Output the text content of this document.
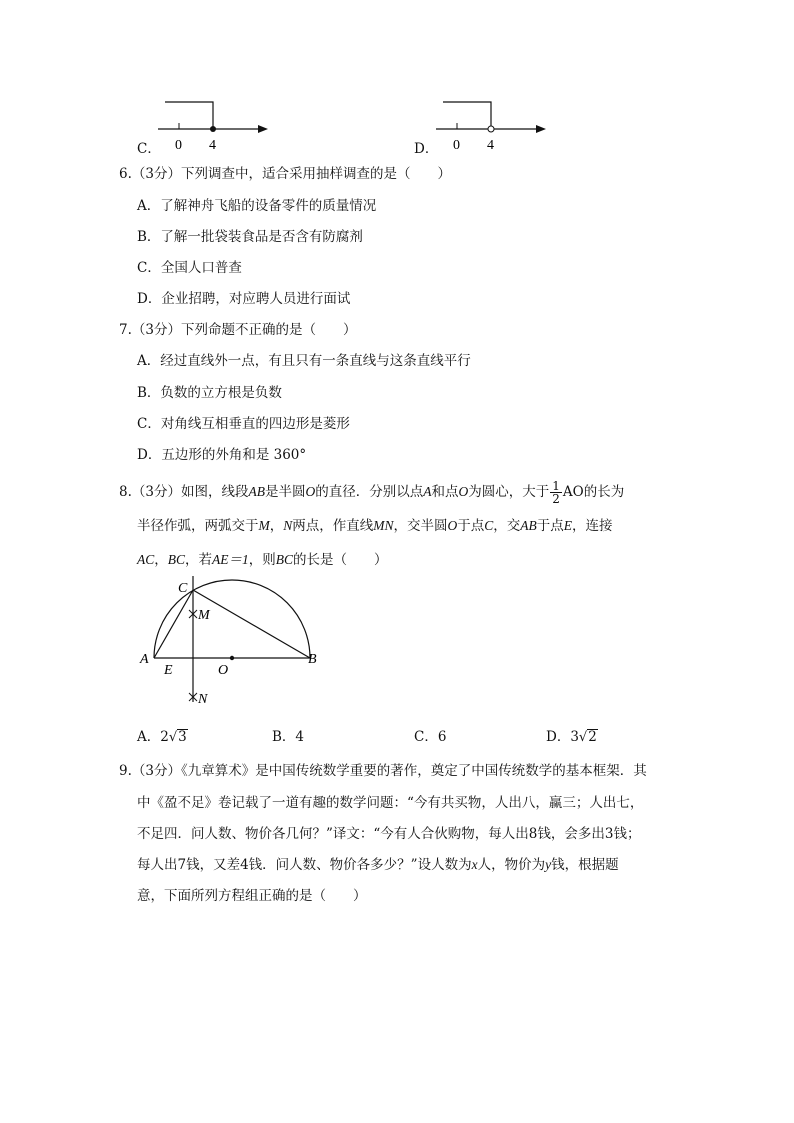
C． 0 4	D． 0 4
6.（3分）下列调查中，适合采用抽样调查的是（　　）
A．了解神舟飞船的设备零件的质量情况
B．了解一批袋装食品是否含有防腐剂
C．全国人口普查
D．企业招聘，对应聘人员进行面试
7.（3分）下列命题不正确的是（　　）
A．经过直线外一点，有且只有一条直线与这条直线平行
B．负数的立方根是负数
C．对角线互相垂直的四边形是菱形
D．五边形的外角和是 360°
8.（3分）如图，线段AB是半圆O的直径．分别以点A和点O为圆心，大于 $\frac{1}{2}$ AO的长为
半径作弧，两弧交于M，N两点，作直线MN，交半圆O于点C，交AB于点E，连接
AC，BC，若AE＝1，则BC的长是（　　）
A	B
C
E	O
M
N
A．2√3	B．4	C．6	D．3√2
9.（3分）《九章算术》是中国传统数学重要的著作，奠定了中国传统数学的基本框架．其
中《盈不足》卷记载了一道有趣的数学问题：“今有共买物，人出八，赢三；人出七，
不足四．问人数、物价各几何？”译文：“今有人合伙购物，每人出8钱，会多出3钱；
每人出7钱，又差4钱．问人数、物价各多少？”设人数为x人，物价为y钱，根据题
意，下面所列方程组正确的是（　　）
